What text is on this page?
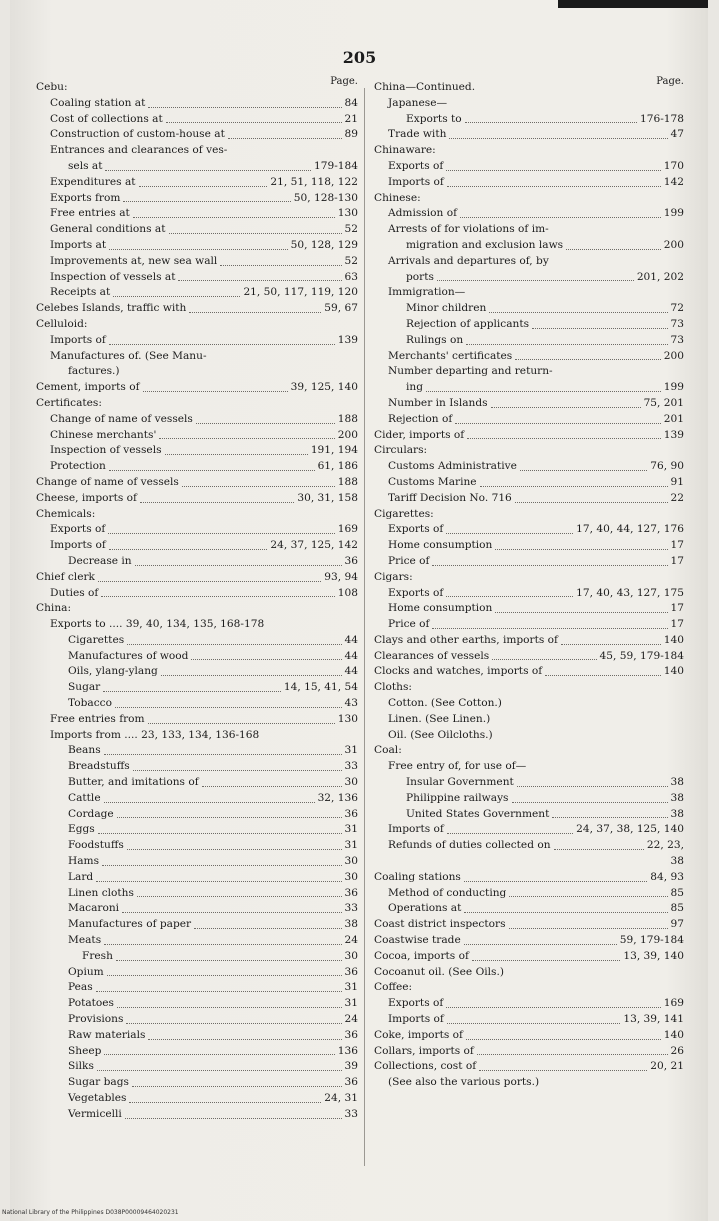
205
Page.
Cebu:
Coaling station at	84
Cost of collections at	21
Construction of custom-house at	89
Entrances and clearances of ves-
sels at	179-184
Expenditures at	21, 51, 118, 122
Exports from	50, 128-130
Free entries at	130
General conditions at	52
Imports at	50, 128, 129
Improvements at, new sea wall	52
Inspection of vessels at	63
Receipts at	21, 50, 117, 119, 120
Celebes Islands, traffic with	59, 67
Celluloid:
Imports of	139
Manufactures of. (See Manu-
factures.)
Cement, imports of	39, 125, 140
Certificates:
Change of name of vessels	188
Chinese merchants'	200
Inspection of vessels	191, 194
Protection	61, 186
Change of name of vessels	188
Cheese, imports of	30, 31, 158
Chemicals:
Exports of	169
Imports of	24, 37, 125, 142
Decrease in	36
Chief clerk	93, 94
Duties of	108
China:
Exports to .... 39, 40, 134, 135, 168-178
Cigarettes	44
Manufactures of wood	44
Oils, ylang-ylang	44
Sugar	14, 15, 41, 54
Tobacco	43
Free entries from	130
Imports from .... 23, 133, 134, 136-168
Beans	31
Breadstuffs	33
Butter, and imitations of	30
Cattle	32, 136
Cordage	36
Eggs	31
Foodstuffs	31
Hams	30
Lard	30
Linen cloths	36
Macaroni	33
Manufactures of paper	38
Meats	24
Fresh	30
Opium	36
Peas	31
Potatoes	31
Provisions	24
Raw materials	36
Sheep	136
Silks	39
Sugar bags	36
Vegetables	24, 31
Vermicelli	33
Page.
China—Continued.
Japanese—
Exports to	176-178
Trade with	47
Chinaware:
Exports of	170
Imports of	142
Chinese:
Admission of	199
Arrests of for violations of im-
migration and exclusion laws	200
Arrivals and departures of, by
ports	201, 202
Immigration—
Minor children	72
Rejection of applicants	73
Rulings on	73
Merchants' certificates	200
Number departing and return-
ing	199
Number in Islands	75, 201
Rejection of	201
Cider, imports of	139
Circulars:
Customs Administrative	76, 90
Customs Marine	91
Tariff Decision No. 716	22
Cigarettes:
Exports of	17, 40, 44, 127, 176
Home consumption	17
Price of	17
Cigars:
Exports of	17, 40, 43, 127, 175
Home consumption	17
Price of	17
Clays and other earths, imports of	140
Clearances of vessels	45, 59, 179-184
Clocks and watches, imports of	140
Cloths:
Cotton. (See Cotton.)
Linen. (See Linen.)
Oil. (See Oilcloths.)
Coal:
Free entry of, for use of—
Insular Government	38
Philippine railways	38
United States Government	38
Imports of	24, 37, 38, 125, 140
Refunds of duties collected on	22, 23,
38
Coaling stations	84, 93
Method of conducting	85
Operations at	85
Coast district inspectors	97
Coastwise trade	59, 179-184
Cocoa, imports of	13, 39, 140
Cocoanut oil. (See Oils.)
Coffee:
Exports of	169
Imports of	13, 39, 141
Coke, imports of	140
Collars, imports of	26
Collections, cost of	20, 21
(See also the various ports.)
National Library of the Philippines D038P00009464020231
